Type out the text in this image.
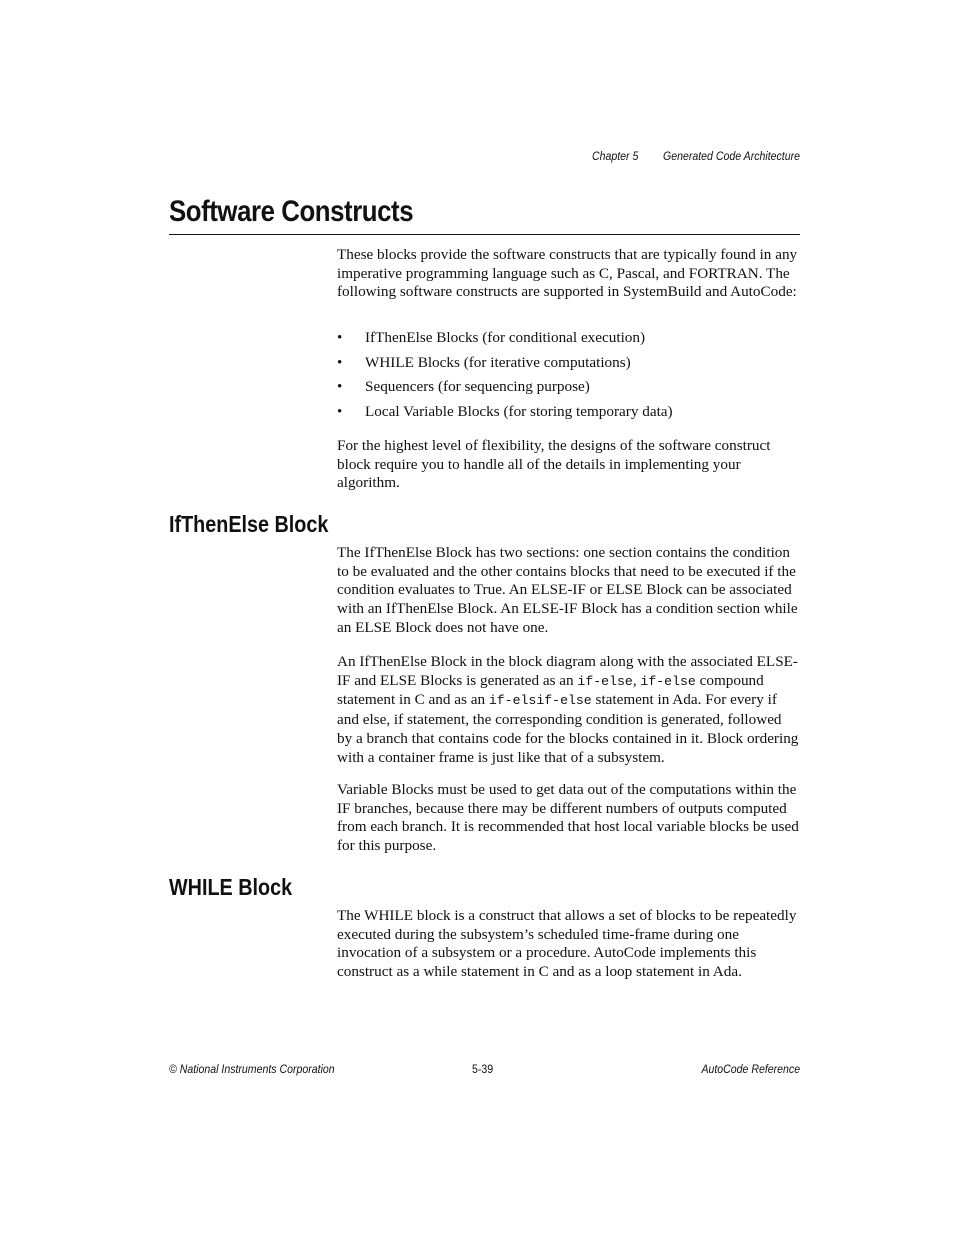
Chapter 5 Generated Code Architecture
Software Constructs

These blocks provide the software constructs that are typically found in any imperative programming language such as C, Pascal, and FORTRAN. The following software constructs are supported in SystemBuild and AutoCode:

• IfThenElse Blocks (for conditional execution)
• WHILE Blocks (for iterative computations)
• Sequencers (for sequencing purpose)
• Local Variable Blocks (for storing temporary data)

For the highest level of flexibility, the designs of the software construct block require you to handle all of the details in implementing your algorithm.

IfThenElse Block

The IfThenElse Block has two sections: one section contains the condition to be evaluated and the other contains blocks that need to be executed if the condition evaluates to True. An ELSE-IF or ELSE Block can be associated with an IfThenElse Block. An ELSE-IF Block has a condition section while an ELSE Block does not have one.

An IfThenElse Block in the block diagram along with the associated ELSE-IF and ELSE Blocks is generated as an if-else, if-else compound statement in C and as an if-elsif-else statement in Ada. For every if and else, if statement, the corresponding condition is generated, followed by a branch that contains code for the blocks contained in it. Block ordering with a container frame is just like that of a subsystem.

Variable Blocks must be used to get data out of the computations within the IF branches, because there may be different numbers of outputs computed from each branch. It is recommended that host local variable blocks be used for this purpose.

WHILE Block

The WHILE block is a construct that allows a set of blocks to be repeatedly executed during the subsystem’s scheduled time-frame during one invocation of a subsystem or a procedure. AutoCode implements this construct as a while statement in C and as a loop statement in Ada.

© National Instruments Corporation	5-39	AutoCode Reference
